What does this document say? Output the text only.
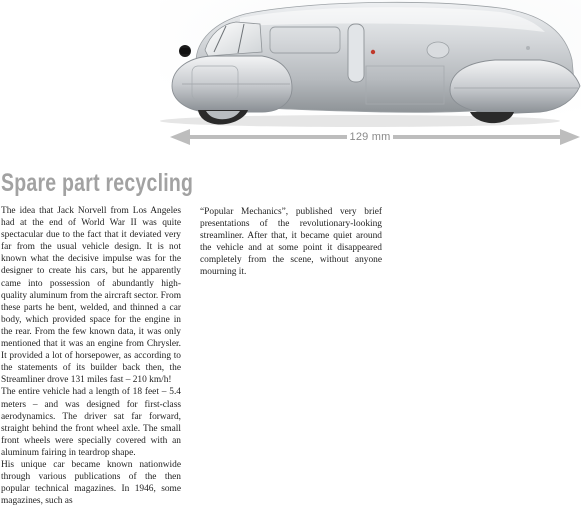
129 mm
Spare part recycling

The idea that Jack Norvell from Los Angeles had at the end of World War II was quite spectacular due to the fact that it deviated very far from the usual vehicle design. It is not known what the decisive impulse was for the designer to create his cars, but he apparently came into possession of abundantly high-quality aluminum from the aircraft sector. From these parts he bent, welded, and thinned a car body, which provided space for the engine in the rear. From the few known data, it was only mentioned that it was an engine from Chrysler. It provided a lot of horsepower, as according to the statements of its builder back then, the Streamliner drove 131 miles fast – 210 km/h!

The entire vehicle had a length of 18 feet – 5.4 meters – and was designed for first-class aerodynamics. The driver sat far forward, straight behind the front wheel axle. The small front wheels were specially covered with an aluminum fairing in teardrop shape.

His unique car became known nationwide through various publications of the then popular technical magazines. In 1946, some magazines, such as

“Popular Mechanics”, published very brief presentations of the revolutionary-looking streamliner. After that, it became quiet around the vehicle and at some point it disappeared completely from the scene, without anyone mourning it.
